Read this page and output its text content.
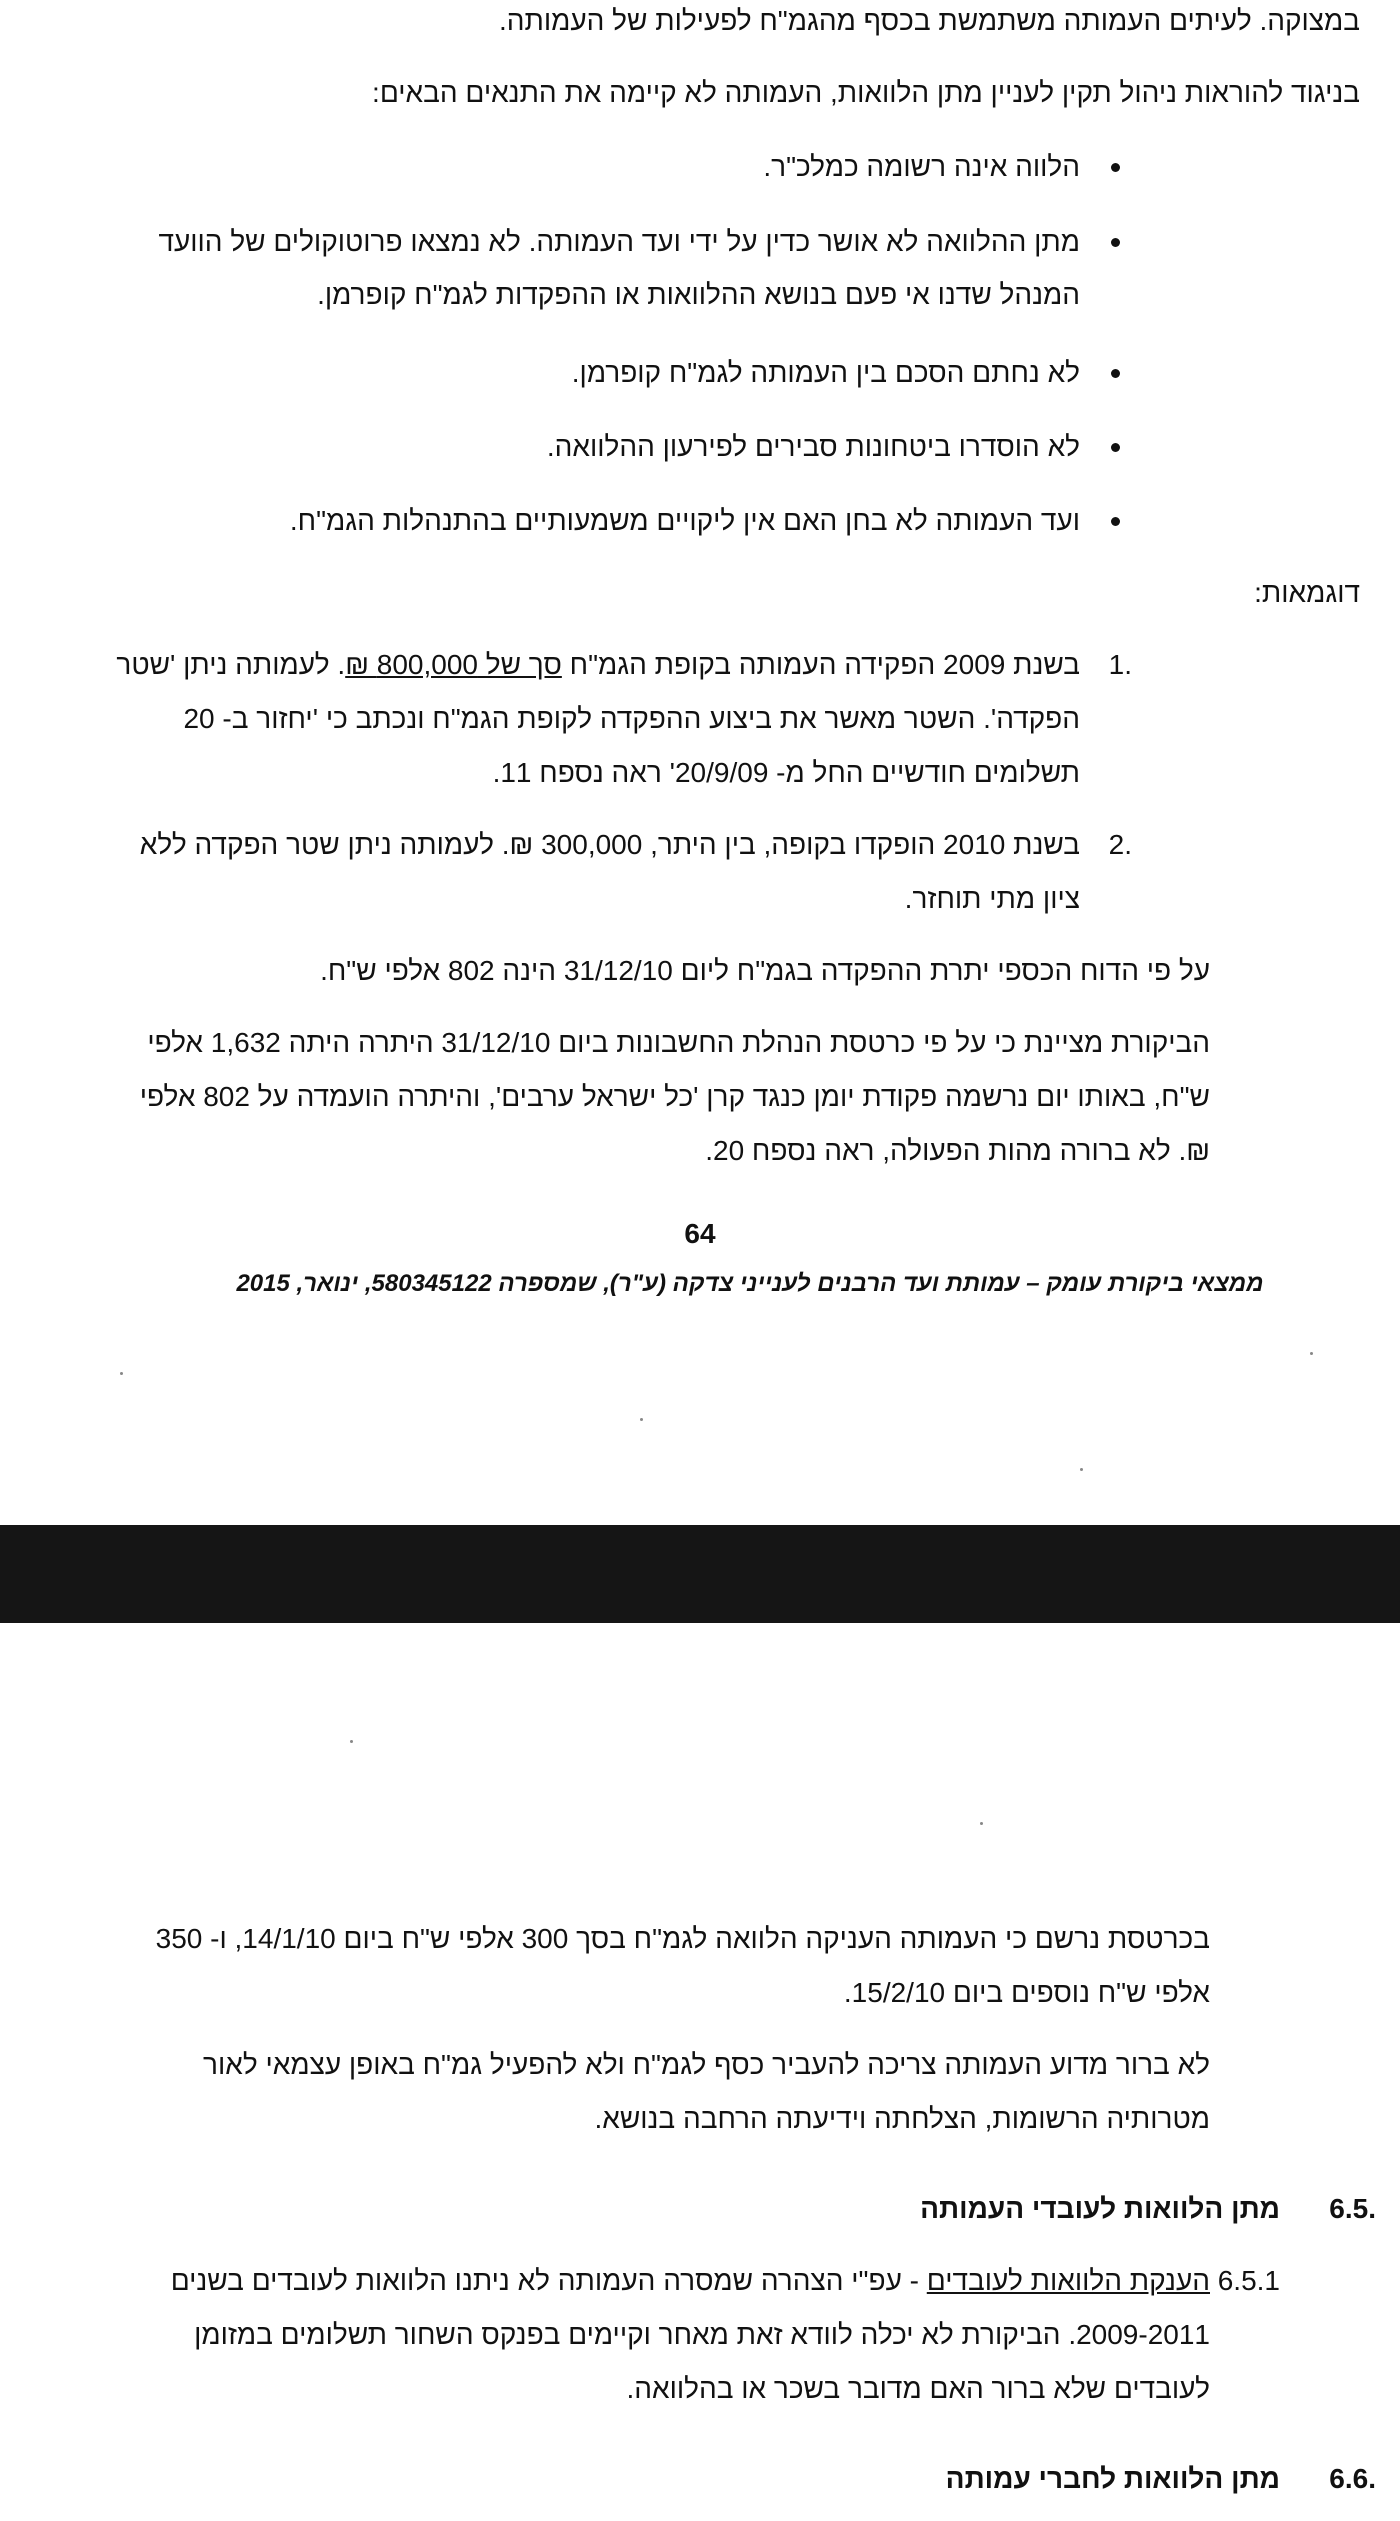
במצוקה. לעיתים העמותה משתמשת בכסף מהגמ"ח לפעילות של העמותה.
בניגוד להוראות ניהול תקין לעניין מתן הלוואות, העמותה לא קיימה את התנאים הבאים:
הלווה אינה רשומה כמלכ"ר.
מתן ההלוואה לא אושר כדין על ידי ועד העמותה. לא נמצאו פרוטוקולים של הוועד
המנהל שדנו אי פעם בנושא ההלוואות או ההפקדות לגמ"ח קופרמן.
לא נחתם הסכם בין העמותה לגמ"ח קופרמן.
לא הוסדרו ביטחונות סבירים לפירעון ההלוואה.
ועד העמותה לא בחן האם אין ליקויים משמעותיים בהתנהלות הגמ"ח.
דוגמאות:
1.
בשנת 2009 הפקידה העמותה בקופת הגמ"ח סך של 800,000 ₪. לעמותה ניתן 'שטר
הפקדה'. השטר מאשר את ביצוע ההפקדה לקופת הגמ"ח ונכתב כי 'יחזור ב- 20
תשלומים חודשיים החל מ- 20/9/09' ראה נספח 11.
2.
בשנת 2010 הופקדו בקופה, בין היתר, 300,000 ₪. לעמותה ניתן שטר הפקדה ללא
ציון מתי תוחזר.
על פי הדוח הכספי יתרת ההפקדה בגמ"ח ליום 31/12/10 הינה 802 אלפי ש"ח.
הביקורת מציינת כי על פי כרטסת הנהלת החשבונות ביום 31/12/10 היתרה היתה 1,632 אלפי
ש"ח, באותו יום נרשמה פקודת יומן כנגד קרן 'כל ישראל ערבים', והיתרה הועמדה על 802 אלפי
₪. לא ברורה מהות הפעולה, ראה נספח 20.
64
ממצאי ביקורת עומק – עמותת ועד הרבנים לענייני צדקה (ע"ר), שמספרה 580345122, ינואר, 2015
בכרטסת נרשם כי העמותה העניקה הלוואה לגמ"ח בסך 300 אלפי ש"ח ביום 14/1/10, ו- 350
אלפי ש"ח נוספים ביום 15/2/10.
לא ברור מדוע העמותה צריכה להעביר כסף לגמ"ח ולא להפעיל גמ"ח באופן עצמאי לאור
מטרותיה הרשומות, הצלחתה וידיעתה הרחבה בנושא.
6.5.
מתן הלוואות לעובדי העמותה
6.5.1
הענקת הלוואות לעובדים - עפ"י הצהרה שמסרה העמותה לא ניתנו הלוואות לעובדים בשנים
2009-2011. הביקורת לא יכלה לוודא זאת מאחר וקיימים בפנקס השחור תשלומים במזומן
לעובדים שלא ברור האם מדובר בשכר או בהלוואה.
6.6.
מתן הלוואות לחברי עמותה
